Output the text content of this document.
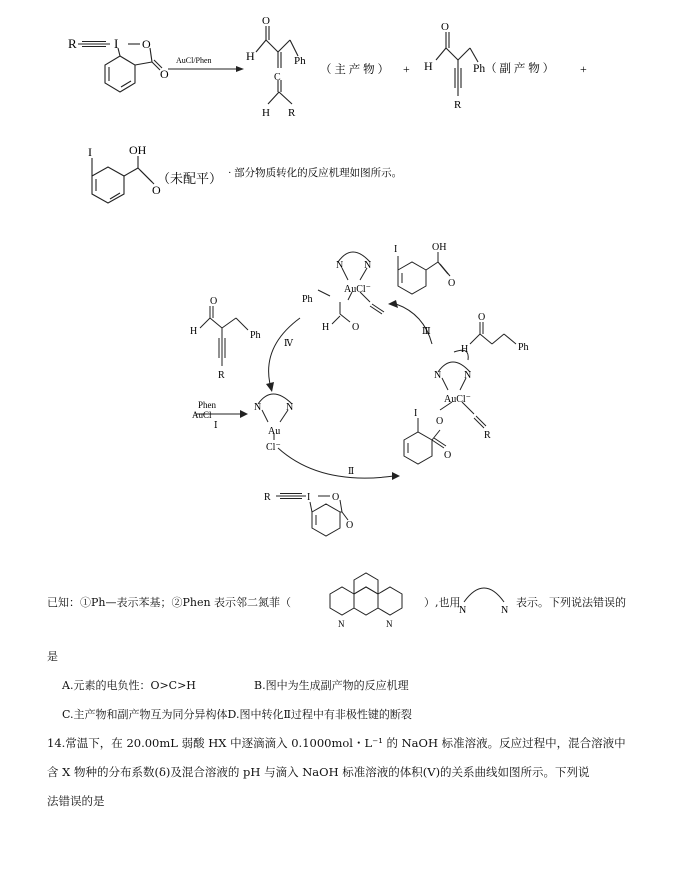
R	I O
O
AuCl/Phen
O
H	Ph
C
H R
（ 主 产 物 ） +
O
H	Ph（ 副 产 物 ） +
R
I	OH
O
（未配平） · 部分物质转化的反应机理如图所示。
N N
AuCl⁻
Ph
H O
I	OH
O
Ⅲ
O
H	Ph
N N
AuCl⁻
R
O
I
O
O
H	Ph
R
Ⅳ
N N
Au
Cl⁻
Phen
AuCl
Ⅰ
Ⅱ
R	I O
O
已知：①Ph—表示苯基；②Phen 表示邻二氮菲（
N	N
）,也用
N	N
表示。下列说法错误的
是
A.元素的电负性：O>C>H	B.图中为生成副产物的反应机理
C.主产物和副产物互为同分异构体D.图中转化Ⅱ过程中有非极性键的断裂
14.常温下，在 20.00mL 弱酸 HX 中逐滴滴入 0.1000mol・L⁻¹ 的 NaOH 标准溶液。反应过程中，混合溶液中
含 X 物种的分布系数(δ)及混合溶液的 pH 与滴入 NaOH 标准溶液的体积(V)的关系曲线如图所示。下列说
法错误的是
